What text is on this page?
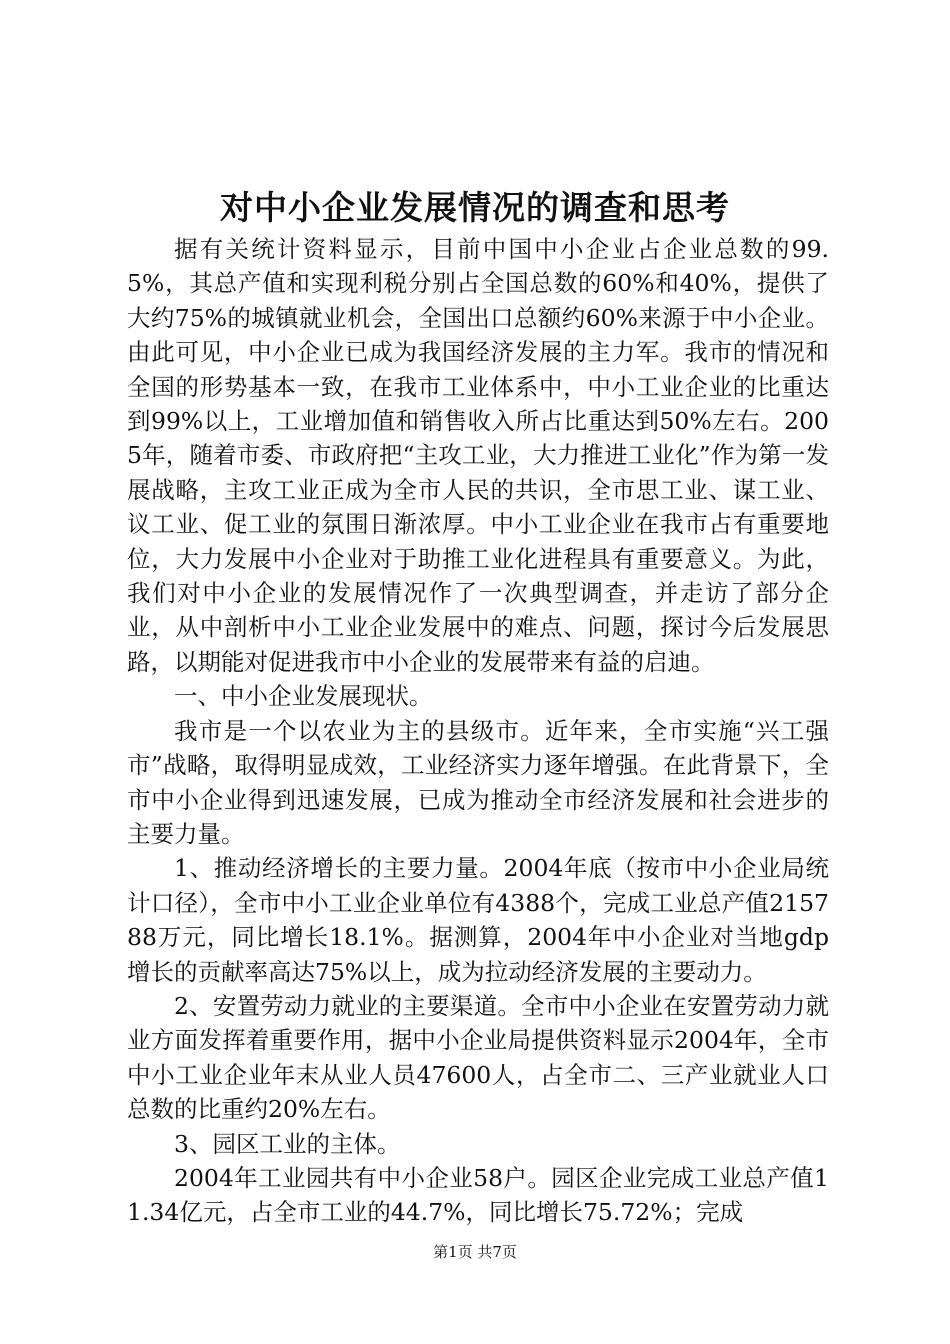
对中小企业发展情况的调查和思考

据有关统计资料显示，目前中国中小企业占企业总数的99.5%，其总产值和实现利税分别占全国总数的60%和40%，提供了大约75%的城镇就业机会，全国出口总额约60%来源于中小企业。由此可见，中小企业已成为我国经济发展的主力军。我市的情况和全国的形势基本一致，在我市工业体系中，中小工业企业的比重达到99%以上，工业增加值和销售收入所占比重达到50%左右。2005年，随着市委、市政府把“主攻工业，大力推进工业化”作为第一发展战略，主攻工业正成为全市人民的共识，全市思工业、谋工业、议工业、促工业的氛围日渐浓厚。中小工业企业在我市占有重要地位，大力发展中小企业对于助推工业化进程具有重要意义。为此，我们对中小企业的发展情况作了一次典型调查，并走访了部分企业，从中剖析中小工业企业发展中的难点、问题，探讨今后发展思路，以期能对促进我市中小企业的发展带来有益的启迪。

一、中小企业发展现状。

我市是一个以农业为主的县级市。近年来，全市实施“兴工强市”战略，取得明显成效，工业经济实力逐年增强。在此背景下，全市中小企业得到迅速发展，已成为推动全市经济发展和社会进步的主要力量。

1、推动经济增长的主要力量。2004年底（按市中小企业局统计口径），全市中小工业企业单位有4388个，完成工业总产值215788万元，同比增长18.1%。据测算，2004年中小企业对当地gdp增长的贡献率高达75%以上，成为拉动经济发展的主要动力。

2、安置劳动力就业的主要渠道。全市中小企业在安置劳动力就业方面发挥着重要作用，据中小企业局提供资料显示2004年，全市中小工业企业年末从业人员47600人，占全市二、三产业就业人口总数的比重约20%左右。

3、园区工业的主体。

2004年工业园共有中小企业58户。园区企业完成工业总产值11.34亿元，占全市工业的44.7%，同比增长75.72%；完成

第1页 共7页
